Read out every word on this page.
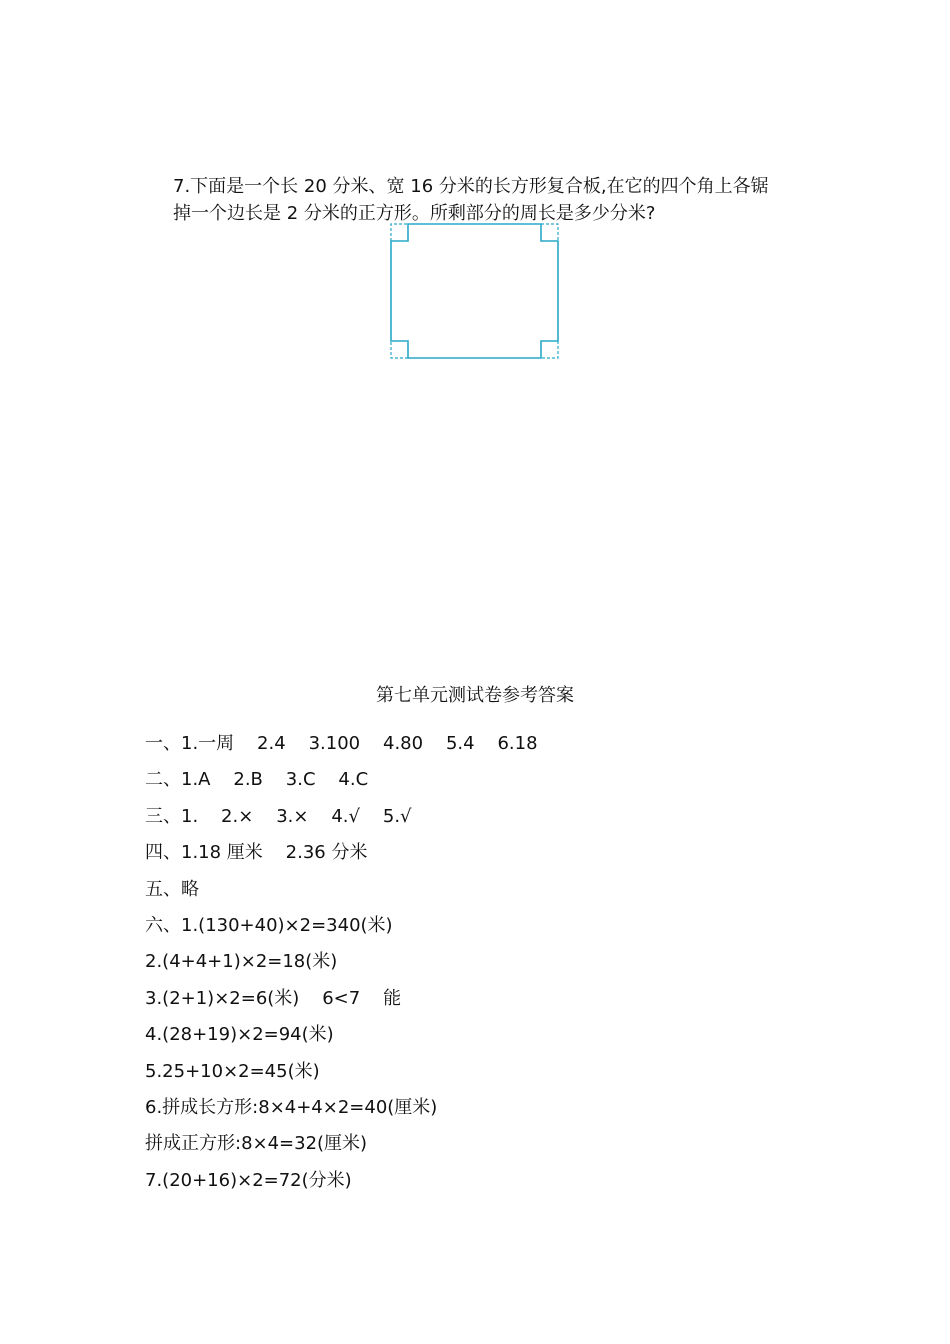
7.下面是一个长 20 分米、宽 16 分米的长方形复合板,在它的四个角上各锯

掉一个边长是 2 分米的正方形。所剩部分的周长是多少分米?

第七单元测试卷参考答案
一、1.一周    2.4    3.100    4.80    5.4    6.18
二、1.A    2.B    3.C    4.C
三、1.    2.×    3.×    4.√    5.√
四、1.18 厘米    2.36 分米
五、略
六、1.(130+40)×2=340(米)
2.(4+4+1)×2=18(米)
3.(2+1)×2=6(米)    6<7    能
4.(28+19)×2=94(米)
5.25+10×2=45(米)
6.拼成长方形:8×4+4×2=40(厘米)
拼成正方形:8×4=32(厘米)
7.(20+16)×2=72(分米)
